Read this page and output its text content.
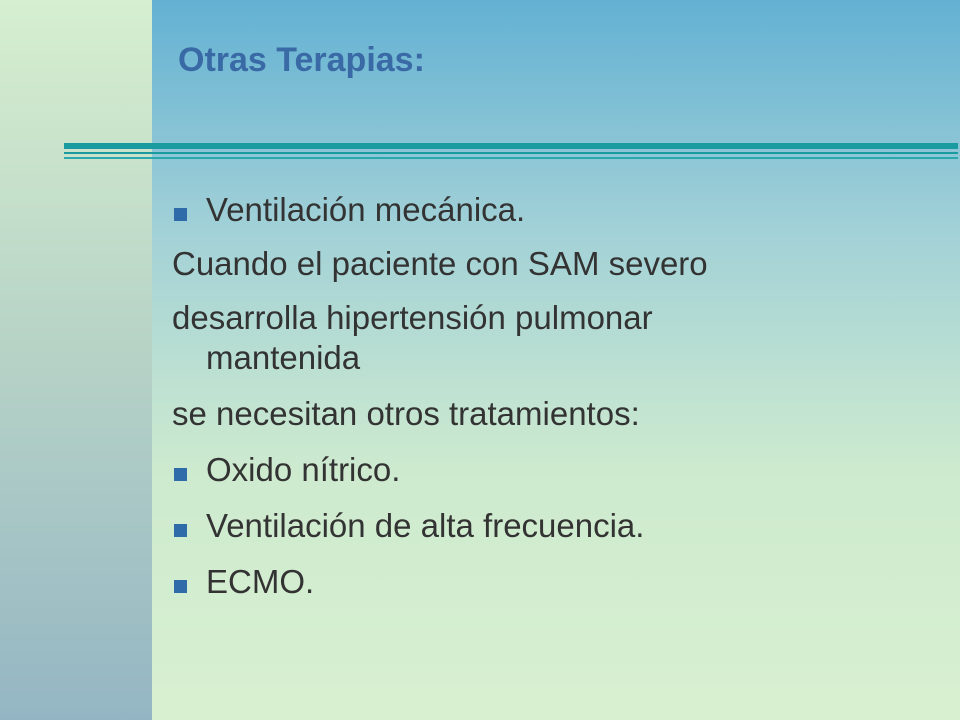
Otras Terapias:
Ventilación mecánica.
Cuando el paciente con SAM severo
desarrolla hipertensión pulmonar
mantenida
se necesitan otros tratamientos:
Oxido nítrico.
Ventilación de alta frecuencia.
ECMO.
